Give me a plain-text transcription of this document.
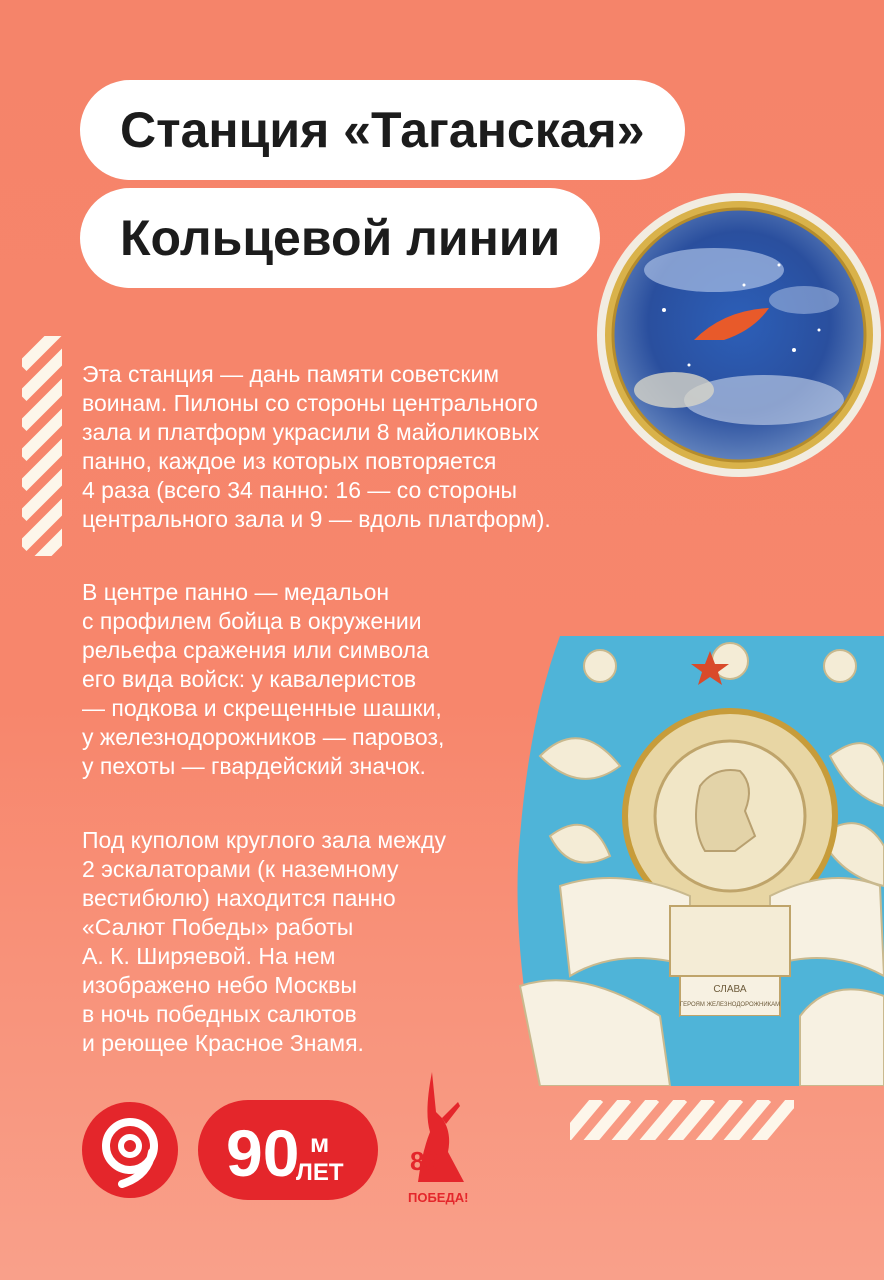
Станция «Таганская»
Кольцевой линии

Эта станция — дань памяти советским
воинам. Пилоны со стороны центрального
зала и платформ украсили 8 майоликовых
панно, каждое из которых повторяется
4 раза (всего 34 панно: 16 — со стороны
центрального зала и 9 — вдоль платформ).

В центре панно — медальон
с профилем бойца в окружении
рельефа сражения или символа
его вида войск: у кавалеристов
— подкова и скрещенные шашки,
у железнодорожников — паровоз,
у пехоты — гвардейский значок.

Под куполом круглого зала между
2 эскалаторами (к наземному
вестибюлю) находится панно
«Салют Победы» работы
А. К. Ширяевой. На нем
изображено небо Москвы
в ночь победных салютов
и реющее Красное Знамя.

СЛАВА
ГЕРОЯМ ЖЕЛЕЗНОДОРОЖНИКАМ
90 м
ЛЕТ	80
ПОБЕДА!
